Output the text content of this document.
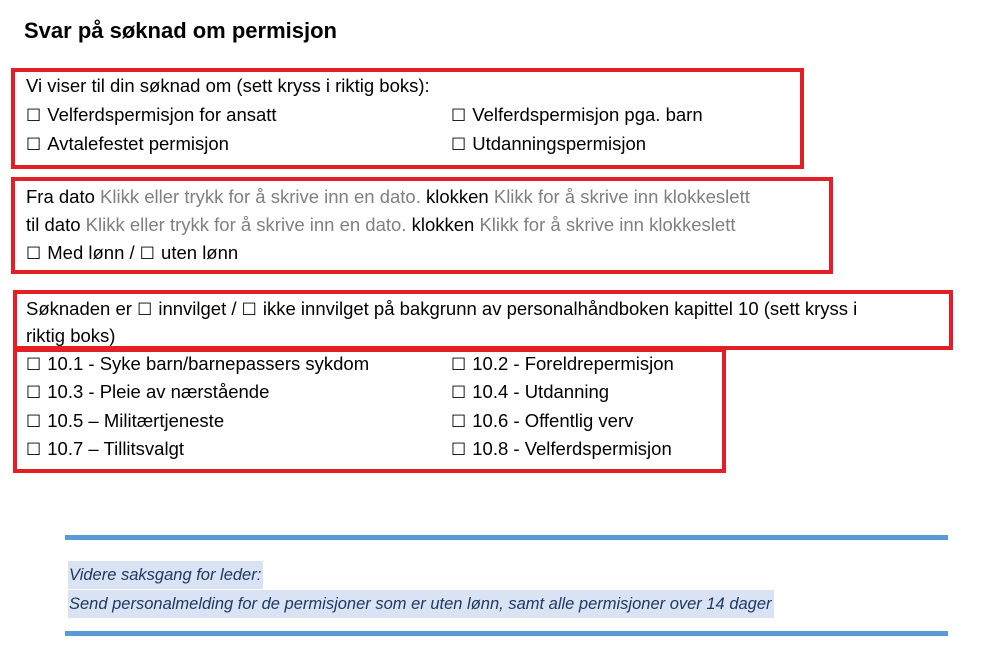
Svar på søknad om permisjon
Vi viser til din søknad om (sett kryss i riktig boks):
☐ Velferdspermisjon for ansatt	☐ Velferdspermisjon pga. barn
☐ Avtalefestet permisjon	☐ Utdanningspermisjon
Fra dato Klikk eller trykk for å skrive inn en dato. klokken Klikk for å skrive inn klokkeslett
til dato Klikk eller trykk for å skrive inn en dato. klokken Klikk for å skrive inn klokkeslett
☐ Med lønn / ☐ uten lønn
Søknaden er ☐ innvilget / ☐ ikke innvilget på bakgrunn av personalhåndboken kapittel 10 (sett kryss i
riktig boks)
☐ 10.1 - Syke barn/barnepassers sykdom	☐ 10.2 - Foreldrepermisjon
☐ 10.3 - Pleie av nærstående	☐ 10.4 - Utdanning
☐ 10.5 – Militærtjeneste	☐ 10.6 - Offentlig verv
☐ 10.7 – Tillitsvalgt	☐ 10.8 - Velferdspermisjon
Videre saksgang for leder:
Send personalmelding for de permisjoner som er uten lønn, samt alle permisjoner over 14 dager
